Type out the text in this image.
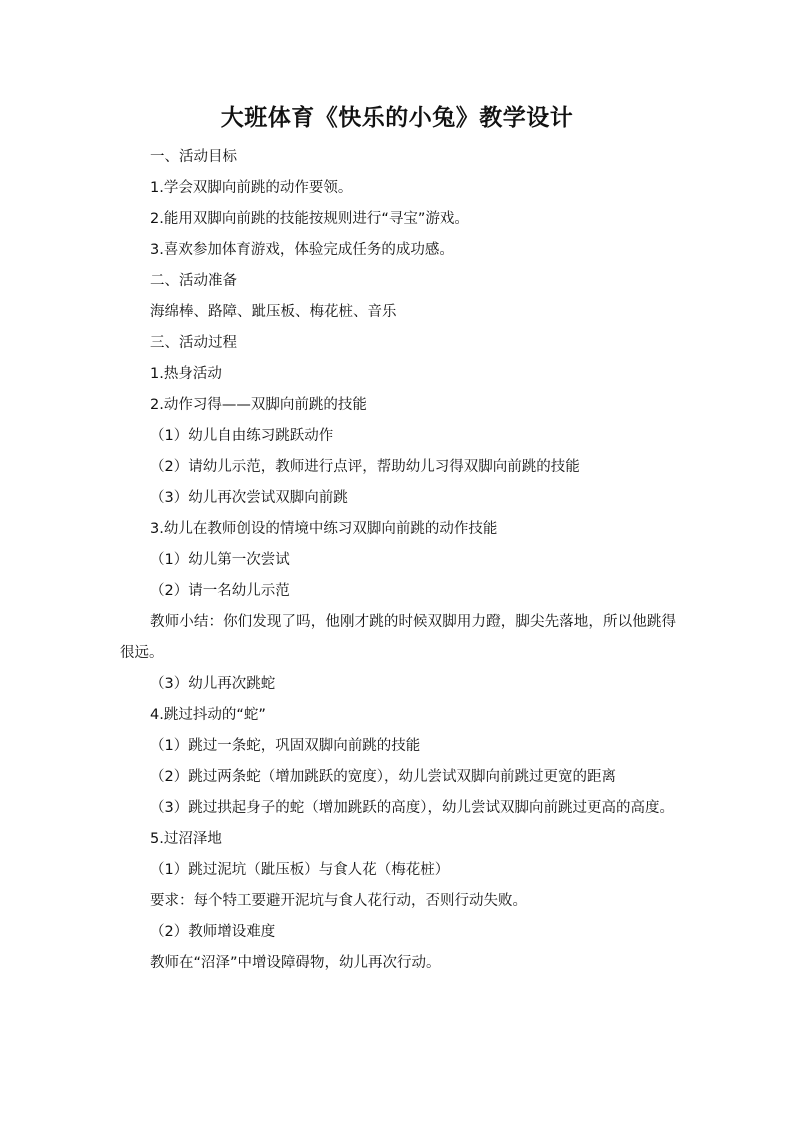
大班体育《快乐的小兔》教学设计
一、活动目标
1.学会双脚向前跳的动作要领。
2.能用双脚向前跳的技能按规则进行“寻宝”游戏。
3.喜欢参加体育游戏，体验完成任务的成功感。
二、活动准备
海绵棒、路障、跐压板、梅花桩、音乐
三、活动过程
1.热身活动
2.动作习得——双脚向前跳的技能
（1）幼儿自由练习跳跃动作
（2）请幼儿示范，教师进行点评，帮助幼儿习得双脚向前跳的技能
（3）幼儿再次尝试双脚向前跳
3.幼儿在教师创设的情境中练习双脚向前跳的动作技能
（1）幼儿第一次尝试
（2）请一名幼儿示范
教师小结：你们发现了吗，他刚才跳的时候双脚用力蹬，脚尖先落地，所以他跳得很远。
（3）幼儿再次跳蛇
4.跳过抖动的“蛇”
（1）跳过一条蛇，巩固双脚向前跳的技能
（2）跳过两条蛇（增加跳跃的宽度），幼儿尝试双脚向前跳过更宽的距离
（3）跳过拱起身子的蛇（增加跳跃的高度），幼儿尝试双脚向前跳过更高的高度。
5.过沼泽地
（1）跳过泥坑（跐压板）与食人花（梅花桩）
要求：每个特工要避开泥坑与食人花行动，否则行动失败。
（2）教师增设难度
教师在“沼泽”中增设障碍物，幼儿再次行动。
